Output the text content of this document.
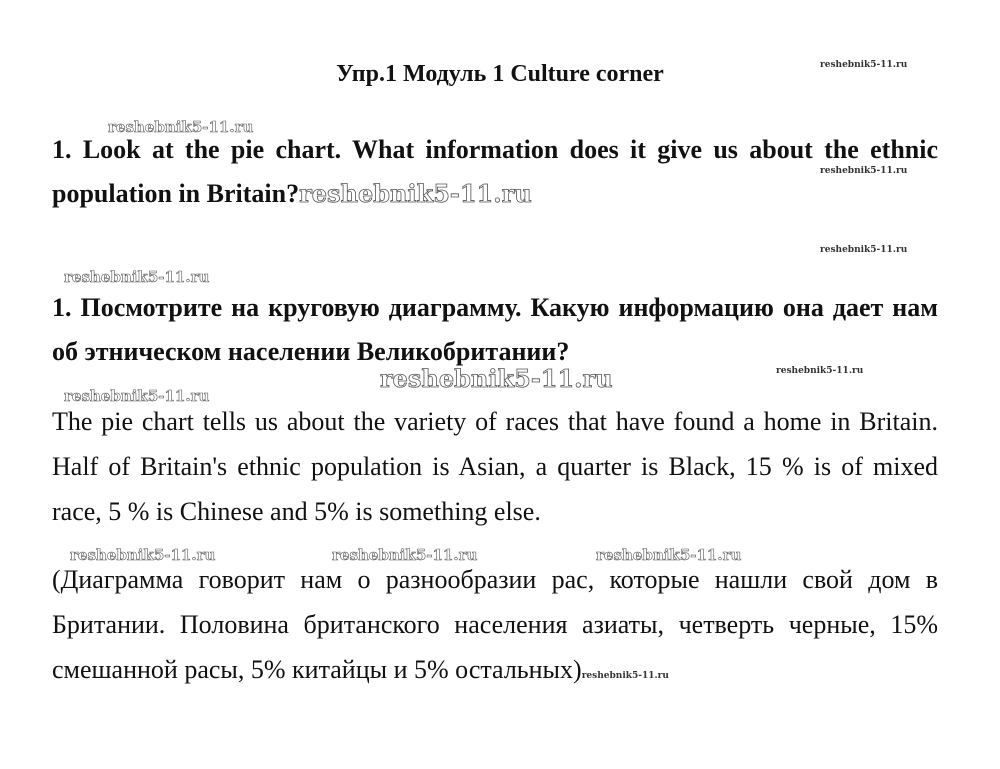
Упр.1 Модуль 1 Culture corner	reshebnik5-11.ru
reshebnik5-11.ru
reshebnik5-11.ru
reshebnik5-11.ru
reshebnik5-11.ru
reshebnik5-11.ru	reshebnik5-11.ru
reshebnik5-11.ru
reshebnik5-11.ru	reshebnik5-11.ru	reshebnik5-11.ru

1. Look at the pie chart. What information does it give us about the ethnic population in Britain?reshebnik5-11.ru

1. Посмотрите на круговую диаграмму. Какую информацию она дает нам об этническом населении Великобритании?

The pie chart tells us about the variety of races that have found a home in Britain. Half of Britain's ethnic population is Asian, a quarter is Black, 15 % is of mixed race, 5 % is Chinese and 5% is something else.

(Диаграмма говорит нам о разнообразии рас, которые нашли свой дом в Британии. Половина британского населения азиаты, четверть черные, 15% смешанной расы, 5% китайцы и 5% остальных)reshebnik5-11.ru
